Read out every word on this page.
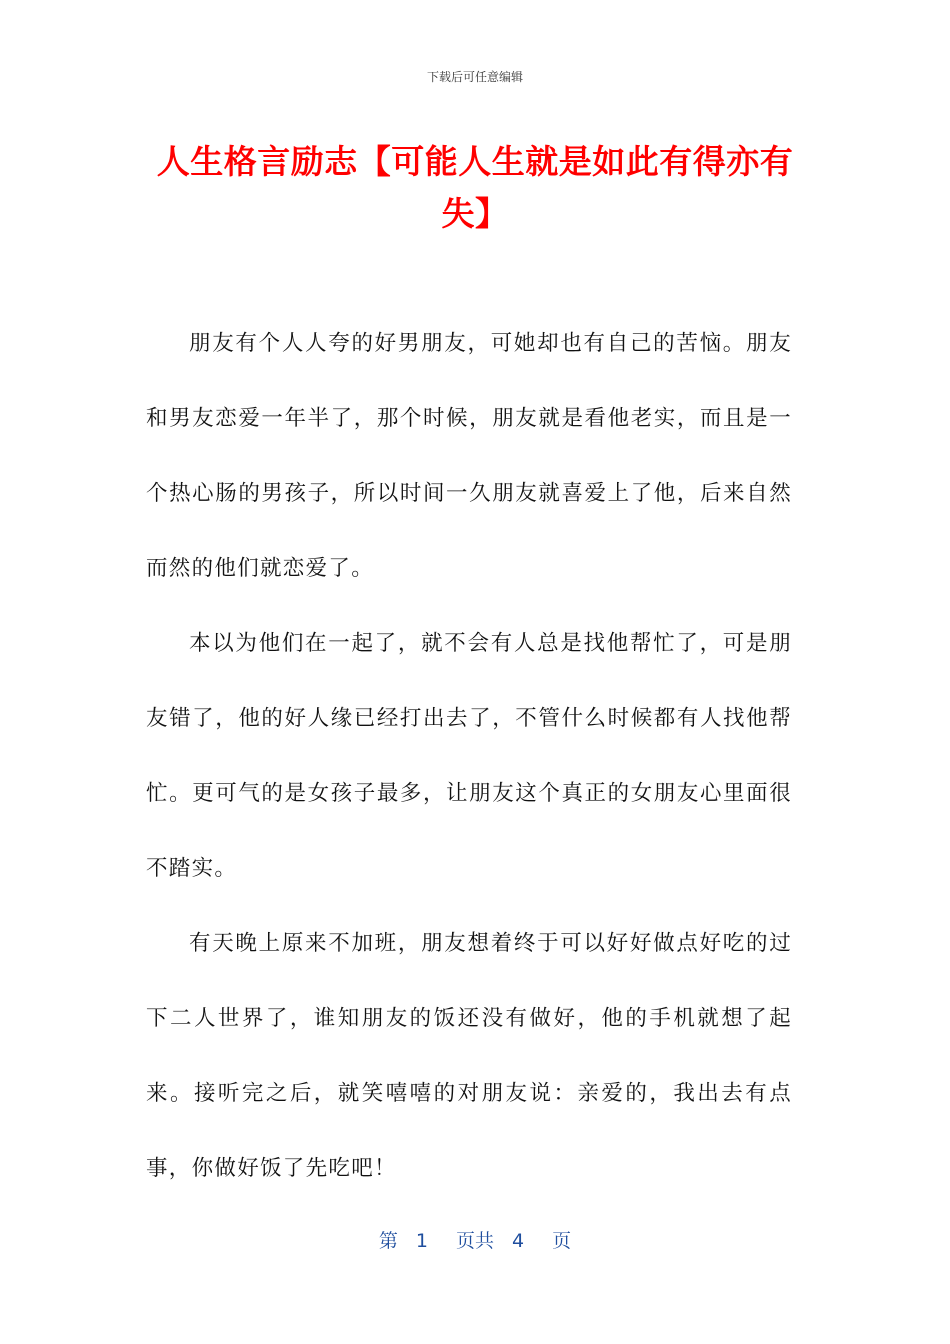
下载后可任意编辑
人生格言励志【可能人生就是如此有得亦有失】

朋友有个人人夸的好男朋友，可她却也有自己的苦恼。朋友和男友恋爱一年半了，那个时候，朋友就是看他老实，而且是一个热心肠的男孩子，所以时间一久朋友就喜爱上了他，后来自然而然的他们就恋爱了。

本以为他们在一起了，就不会有人总是找他帮忙了，可是朋友错了，他的好人缘已经打出去了，不管什么时候都有人找他帮忙。更可气的是女孩子最多，让朋友这个真正的女朋友心里面很不踏实。

有天晚上原来不加班，朋友想着终于可以好好做点好吃的过下二人世界了，谁知朋友的饭还没有做好，他的手机就想了起来。接听完之后，就笑嘻嘻的对朋友说：亲爱的，我出去有点事，你做好饭了先吃吧！

第 1 页共 4 页
